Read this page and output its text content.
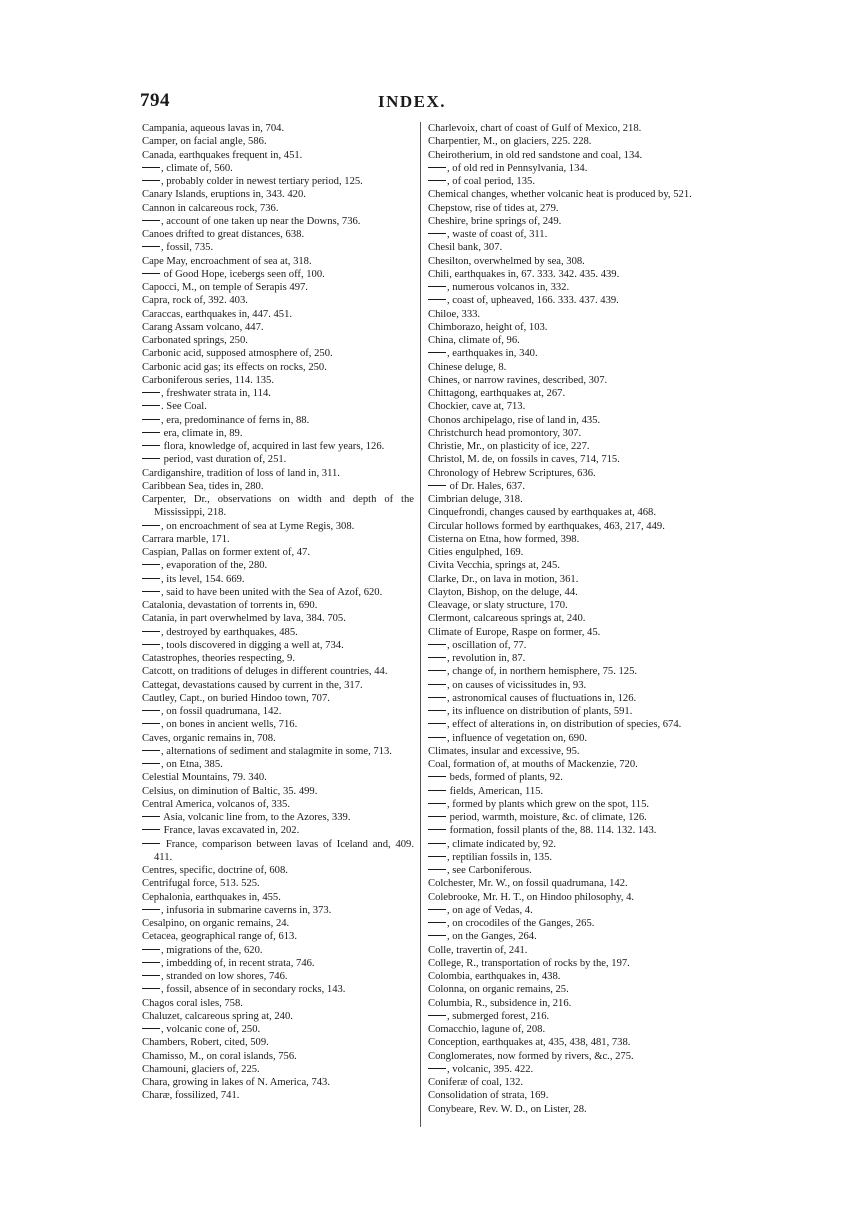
794	INDEX.
Campania, aqueous lavas in, 704.
Camper, on facial angle, 586.
Canada, earthquakes frequent in, 451.
, climate of, 560.
, probably colder in newest tertiary period, 125.
Canary Islands, eruptions in, 343. 420.
Cannon in calcareous rock, 736.
, account of one taken up near the Downs, 736.
Canoes drifted to great distances, 638.
, fossil, 735.
Cape May, encroachment of sea at, 318.
of Good Hope, icebergs seen off, 100.
Capocci, M., on temple of Serapis 497.
Capra, rock of, 392. 403.
Caraccas, earthquakes in, 447. 451.
Carang Assam volcano, 447.
Carbonated springs, 250.
Carbonic acid, supposed atmosphere of, 250.
Carbonic acid gas; its effects on rocks, 250.
Carboniferous series, 114. 135.
, freshwater strata in, 114.
. See Coal.
, era, predominance of ferns in, 88.
era, climate in, 89.
flora, knowledge of, acquired in last few years, 126.
period, vast duration of, 251.
Cardiganshire, tradition of loss of land in, 311.
Caribbean Sea, tides in, 280.
Carpenter, Dr., observations on width and depth of the Mississippi, 218.
, on encroachment of sea at Lyme Regis, 308.
Carrara marble, 171.
Caspian, Pallas on former extent of, 47.
, evaporation of the, 280.
, its level, 154. 669.
, said to have been united with the Sea of Azof, 620.
Catalonia, devastation of torrents in, 690.
Catania, in part overwhelmed by lava, 384. 705.
, destroyed by earthquakes, 485.
, tools discovered in digging a well at, 734.
Catastrophes, theories respecting, 9.
Catcott, on traditions of deluges in different countries, 44.
Cattegat, devastations caused by current in the, 317.
Cautley, Capt., on buried Hindoo town, 707.
, on fossil quadrumana, 142.
, on bones in ancient wells, 716.
Caves, organic remains in, 708.
, alternations of sediment and stalagmite in some, 713.
, on Etna, 385.
Celestial Mountains, 79. 340.
Celsius, on diminution of Baltic, 35. 499.
Central America, volcanos of, 335.
Asia, volcanic line from, to the Azores, 339.
France, lavas excavated in, 202.
France, comparison between lavas of Iceland and, 409. 411.
Centres, specific, doctrine of, 608.
Centrifugal force, 513. 525.
Cephalonia, earthquakes in, 455.
, infusoria in submarine caverns in, 373.
Cesalpino, on organic remains, 24.
Cetacea, geographical range of, 613.
, migrations of the, 620.
, imbedding of, in recent strata, 746.
, stranded on low shores, 746.
, fossil, absence of in secondary rocks, 143.
Chagos coral isles, 758.
Chaluzet, calcareous spring at, 240.
, volcanic cone of, 250.
Chambers, Robert, cited, 509.
Chamisso, M., on coral islands, 756.
Chamouni, glaciers of, 225.
Chara, growing in lakes of N. America, 743.
Charæ, fossilized, 741.
Charlevoix, chart of coast of Gulf of Mexico, 218.
Charpentier, M., on glaciers, 225. 228.
Cheirotherium, in old red sandstone and coal, 134.
, of old red in Pennsylvania, 134.
, of coal period, 135.
Chemical changes, whether volcanic heat is produced by, 521.
Chepstow, rise of tides at, 279.
Cheshire, brine springs of, 249.
, waste of coast of, 311.
Chesil bank, 307.
Chesilton, overwhelmed by sea, 308.
Chili, earthquakes in, 67. 333. 342. 435. 439.
, numerous volcanos in, 332.
, coast of, upheaved, 166. 333. 437. 439.
Chiloe, 333.
Chimborazo, height of, 103.
China, climate of, 96.
, earthquakes in, 340.
Chinese deluge, 8.
Chines, or narrow ravines, described, 307.
Chittagong, earthquakes at, 267.
Chockier, cave at, 713.
Chonos archipelago, rise of land in, 435.
Christchurch head promontory, 307.
Christie, Mr., on plasticity of ice, 227.
Christol, M. de, on fossils in caves, 714, 715.
Chronology of Hebrew Scriptures, 636.
of Dr. Hales, 637.
Cimbrian deluge, 318.
Cinquefrondi, changes caused by earthquakes at, 468.
Circular hollows formed by earthquakes, 463, 217, 449.
Cisterna on Etna, how formed, 398.
Cities engulphed, 169.
Civita Vecchia, springs at, 245.
Clarke, Dr., on lava in motion, 361.
Clayton, Bishop, on the deluge, 44.
Cleavage, or slaty structure, 170.
Clermont, calcareous springs at, 240.
Climate of Europe, Raspe on former, 45.
, oscillation of, 77.
, revolution in, 87.
, change of, in northern hemisphere, 75. 125.
, on causes of vicissitudes in, 93.
, astronomical causes of fluctuations in, 126.
, its influence on distribution of plants, 591.
, effect of alterations in, on distribution of species, 674.
, influence of vegetation on, 690.
Climates, insular and excessive, 95.
Coal, formation of, at mouths of Mackenzie, 720.
beds, formed of plants, 92.
fields, American, 115.
, formed by plants which grew on the spot, 115.
period, warmth, moisture, &c. of climate, 126.
formation, fossil plants of the, 88. 114. 132. 143.
, climate indicated by, 92.
, reptilian fossils in, 135.
, see Carboniferous.
Colchester, Mr. W., on fossil quadrumana, 142.
Colebrooke, Mr. H. T., on Hindoo philosophy, 4.
, on age of Vedas, 4.
, on crocodiles of the Ganges, 265.
, on the Ganges, 264.
Colle, travertin of, 241.
College, R., transportation of rocks by the, 197.
Colombia, earthquakes in, 438.
Colonna, on organic remains, 25.
Columbia, R., subsidence in, 216.
, submerged forest, 216.
Comacchio, lagune of, 208.
Conception, earthquakes at, 435, 438, 481, 738.
Conglomerates, now formed by rivers, &c., 275.
, volcanic, 395. 422.
Coniferæ of coal, 132.
Consolidation of strata, 169.
Conybeare, Rev. W. D., on Lister, 28.
